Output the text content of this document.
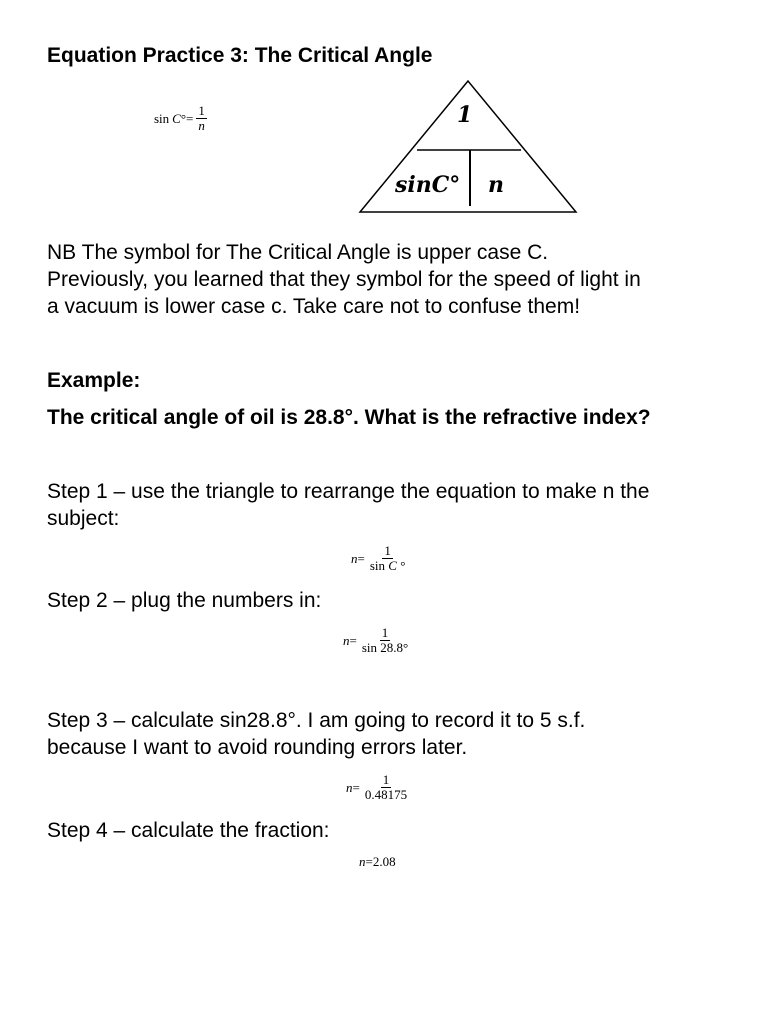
Equation Practice 3: The Critical Angle
sin C ° = $\frac{1}{n}$	1
sinC° n
NB The symbol for The Critical Angle is upper case C.
Previously, you learned that they symbol for the speed of light in
a vacuum is lower case c. Take care not to confuse them!
Example:
The critical angle of oil is 28.8°. What is the refractive index?
Step 1 – use the triangle to rearrange the equation to make n the
subject:
$n = \frac{1}{\text{sin C °}}$
Step 2 – plug the numbers in:
$n = \frac{1}{\sin 28.8^\circ}$
Step 3 – calculate sin28.8°. I am going to record it to 5 s.f.
because I want to avoid rounding errors later.
$n = \frac{1}{0.48175}$
Step 4 – calculate the fraction:
n = 2.08
